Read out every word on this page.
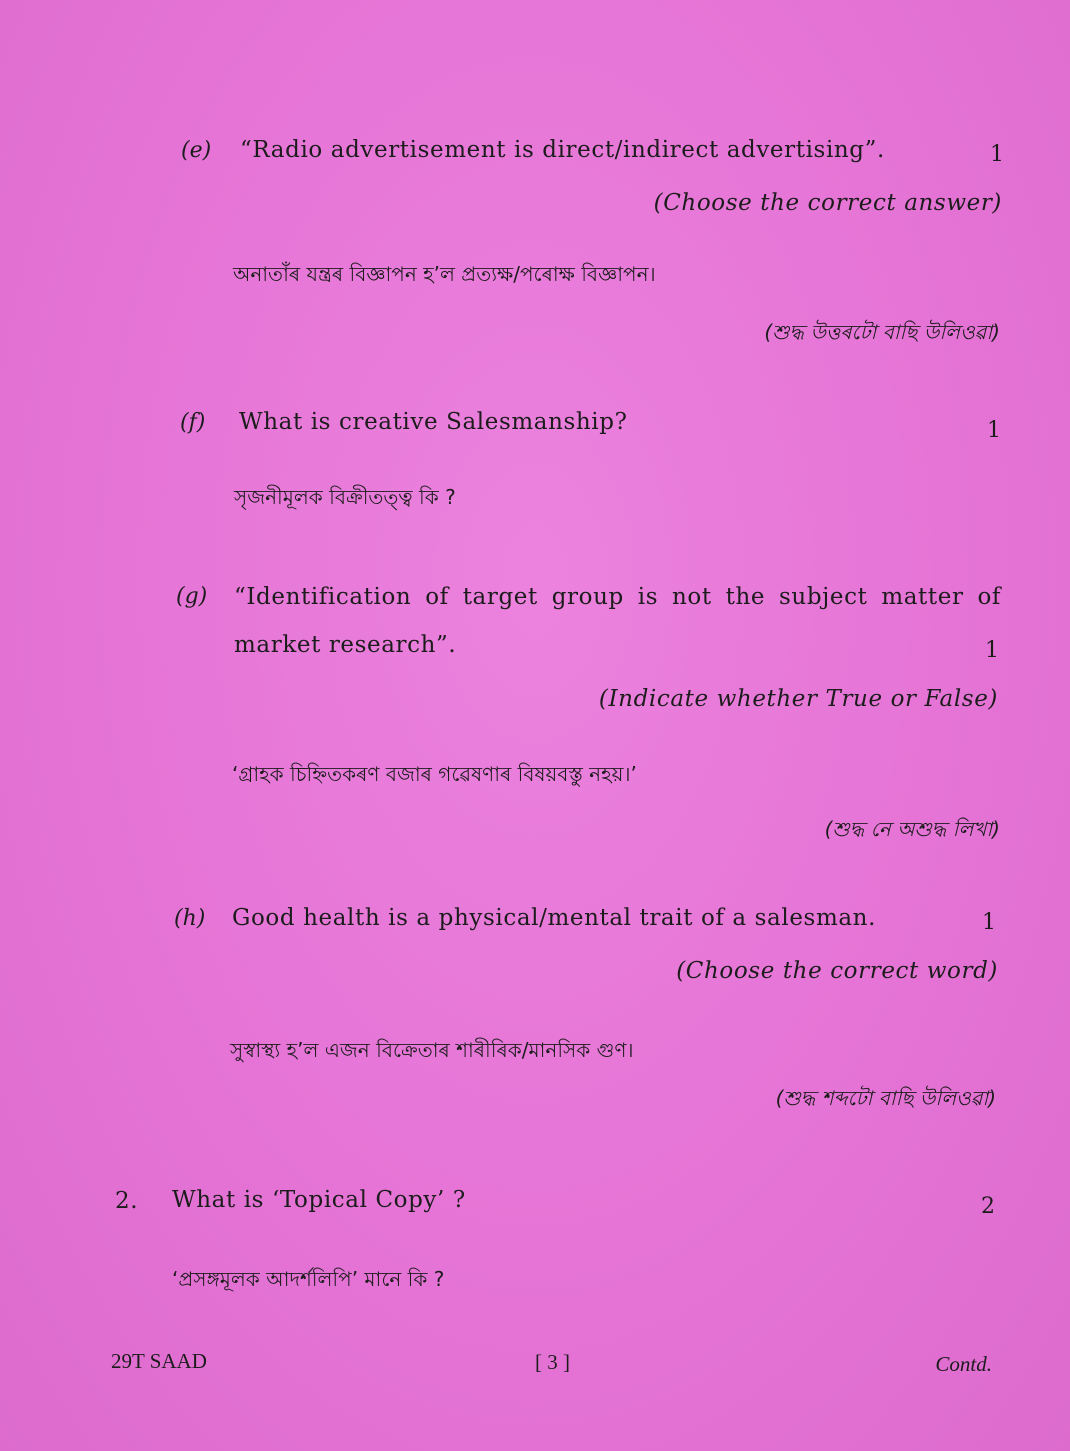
(e) “Radio advertisement is direct/indirect advertising”.	1
(Choose the correct answer)
অনাতাঁৰ যন্ত্ৰৰ বিজ্ঞাপন হ’ল প্ৰত্যক্ষ/পৰোক্ষ বিজ্ঞাপন।
(শুদ্ধ উত্তৰটো বাছি উলিওৱা)
(f) What is creative Salesmanship?	1
সৃজনীমূলক বিক্ৰীতত্ত্ব কি ?
(g) “Identification of target group is not the subject matter of
market research”.	1
(Indicate whether True or False)
‘গ্ৰাহক চিহ্নিতকৰণ বজাৰ গৱেষণাৰ বিষয়বস্তু নহয়।’
(শুদ্ধ নে অশুদ্ধ লিখা)
(h) Good health is a physical/mental trait of a salesman.	1
(Choose the correct word)
সুস্বাস্থ্য হ’ল এজন বিক্ৰেতাৰ শাৰীৰিক/মানসিক গুণ।
(শুদ্ধ শব্দটো বাছি উলিওৱা)
2. What is ‘Topical Copy’ ?	2
‘প্ৰসঙ্গমূলক আদৰ্শলিপি’ মানে কি ?
29T SAAD	[ 3 ]	Contd.
